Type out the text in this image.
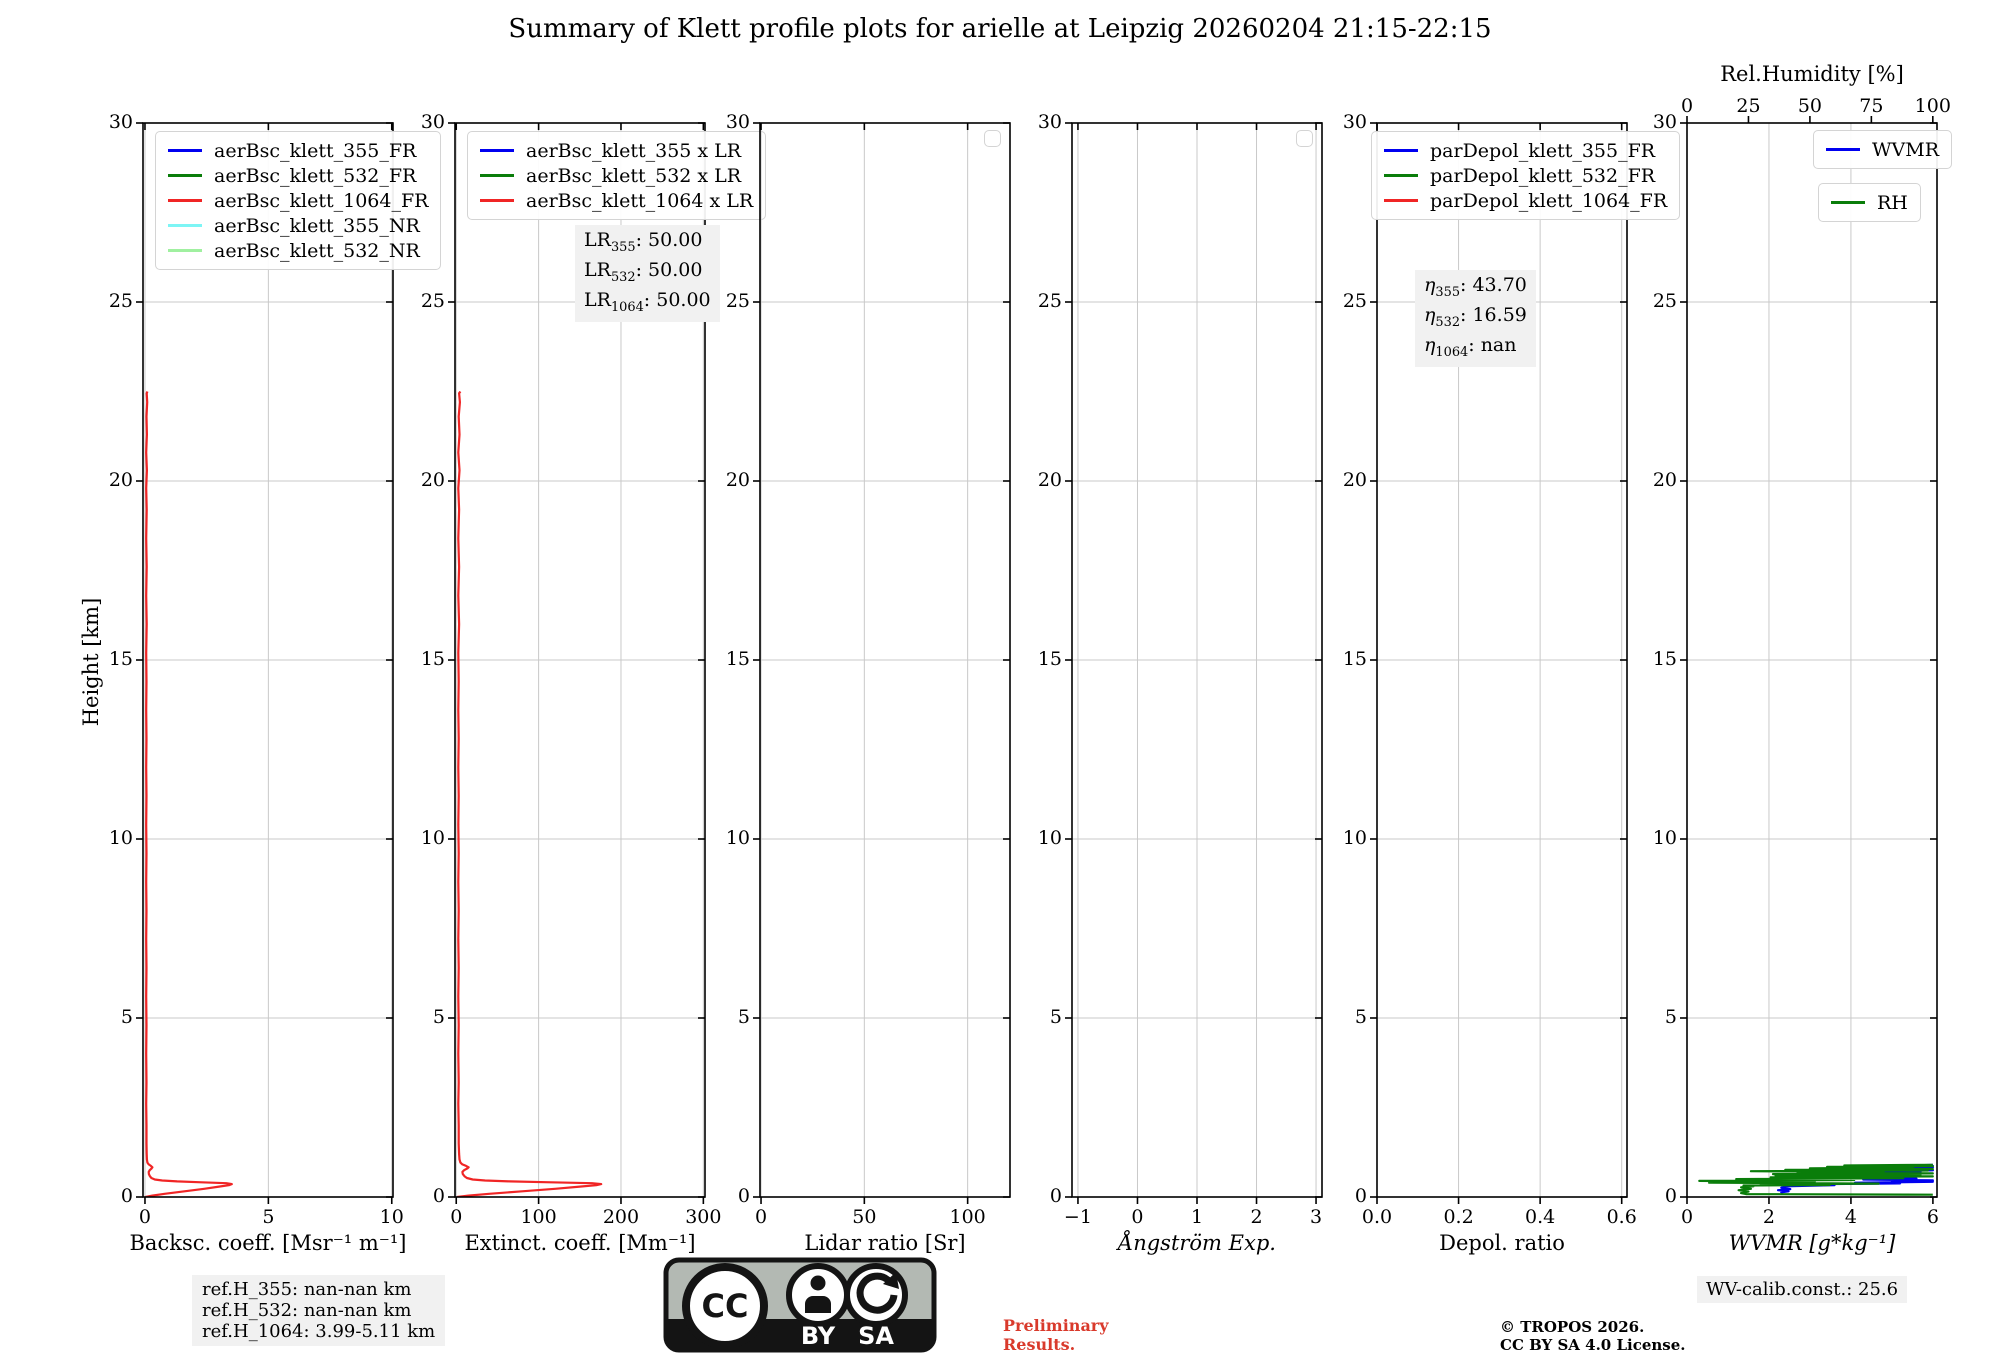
Summary of Klett profile plots for arielle at Leipzig 20260204 21:15-22:15
Height [km]
0	5	10
0
5
10
15
20
25
30
Backsc. coeff. [Msr⁻¹ m⁻¹]
aerBsc_klett_355_FR
aerBsc_klett_532_FR
aerBsc_klett_1064_FR
aerBsc_klett_355_NR
aerBsc_klett_532_NR
0	100	200	300
0
5
10
15
20
25
30
Extinct. coeff. [Mm⁻¹]
aerBsc_klett_355 x LR
aerBsc_klett_532 x LR
aerBsc_klett_1064 x LR
$LR_{355}$: 50.00
$LR_{532}$: 50.00
$LR_{1064}$: 50.00
0	50	100
0
5
10
15
20
25
30
Lidar ratio [Sr]
−1	0	1	2	3
0
5
10
15
20
25
30
Ångström Exp.
0.0	0.2	0.4	0.6
0
5
10
15
20
25
30
Depol. ratio
parDepol_klett_355_FR
parDepol_klett_532_FR
parDepol_klett_1064_FR
$\eta_{355}$: 43.70
$\eta_{532}$: 16.59
$\eta_{1064}$: nan
0	2	4	6
0
5
10
15
20
25
30
WVMR [g*kg⁻¹]
0	25	50	75	100
Rel.Humidity [%]
WVMR
RH
ref.H_355: nan-nan km
ref.H_532: nan-nan km
ref.H_1064: 3.99-5.11 km
CC
BY SA	Preliminary
Results.
© TROPOS 2026.
CC BY SA 4.0 License.
WV-calib.const.: 25.6
